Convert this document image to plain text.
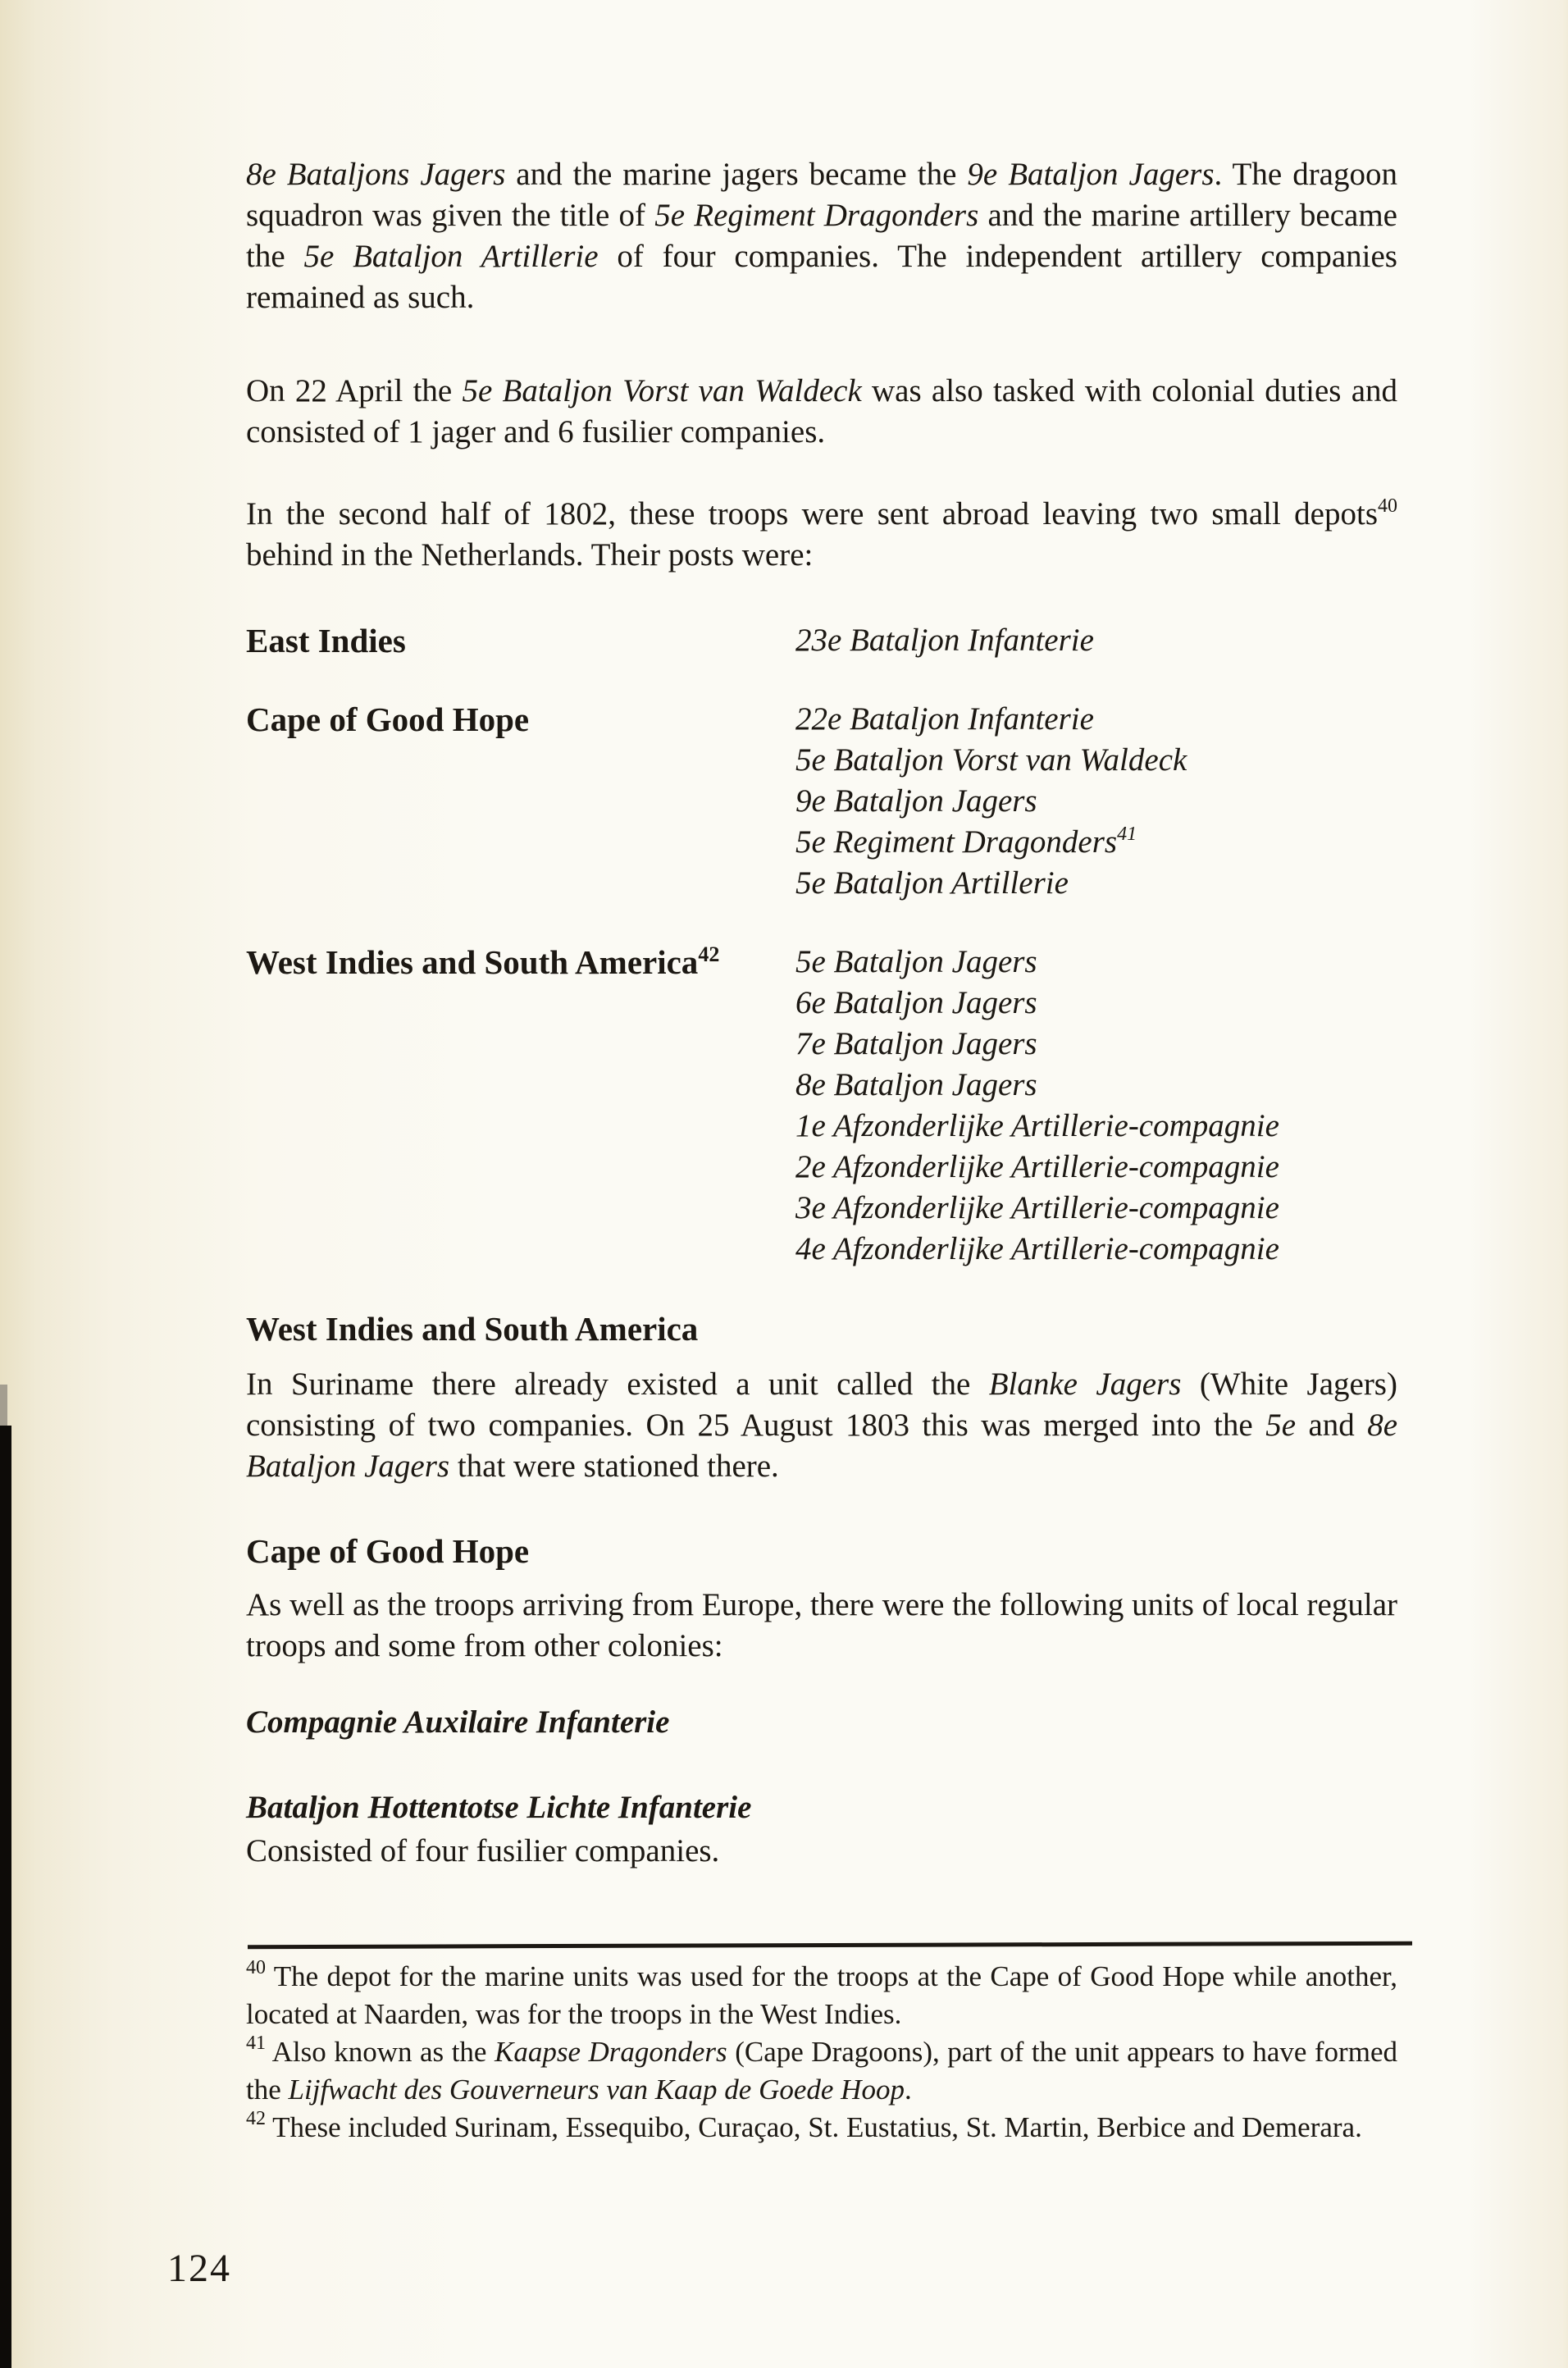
8e Bataljons Jagers and the marine jagers became the 9e Bataljon Jagers. The dragoon squadron was given the title of 5e Regiment Dragonders and the marine artillery became the 5e Bataljon Artillerie of four companies. The independent artillery companies remained as such.

On 22 April the 5e Bataljon Vorst van Waldeck was also tasked with colonial duties and consisted of 1 jager and 6 fusilier companies.

In the second half of 1802, these troops were sent abroad leaving two small depots$^{40}$ behind in the Netherlands. Their posts were:

East Indies	23e Bataljon Infanterie
Cape of Good Hope	22e Bataljon Infanterie
5e Bataljon Vorst van Waldeck
9e Bataljon Jagers
5e Regiment Dragonders$^{41}$
5e Bataljon Artillerie
West Indies and South America$^{42}$ 5e Bataljon Jagers
6e Bataljon Jagers
7e Bataljon Jagers
8e Bataljon Jagers
1e Afzonderlijke Artillerie-compagnie
2e Afzonderlijke Artillerie-compagnie
3e Afzonderlijke Artillerie-compagnie
4e Afzonderlijke Artillerie-compagnie
West Indies and South America

In Suriname there already existed a unit called the Blanke Jagers (White Jagers) consisting of two companies. On 25 August 1803 this was merged into the 5e and 8e Bataljon Jagers that were stationed there.

Cape of Good Hope

As well as the troops arriving from Europe, there were the following units of local regular troops and some from other colonies:

Compagnie Auxilaire Infanterie

Bataljon Hottentotse Lichte Infanterie

Consisted of four fusilier companies.

$^{40}$ The depot for the marine units was used for the troops at the Cape of Good Hope while another, located at Naarden, was for the troops in the West Indies.

$^{41}$ Also known as the Kaapse Dragonders (Cape Dragoons), part of the unit appears to have formed the Lijfwacht des Gouverneurs van Kaap de Goede Hoop.

$^{42}$ These included Surinam, Essequibo, Curaçao, St. Eustatius, St. Martin, Berbice and Demerara.

124
